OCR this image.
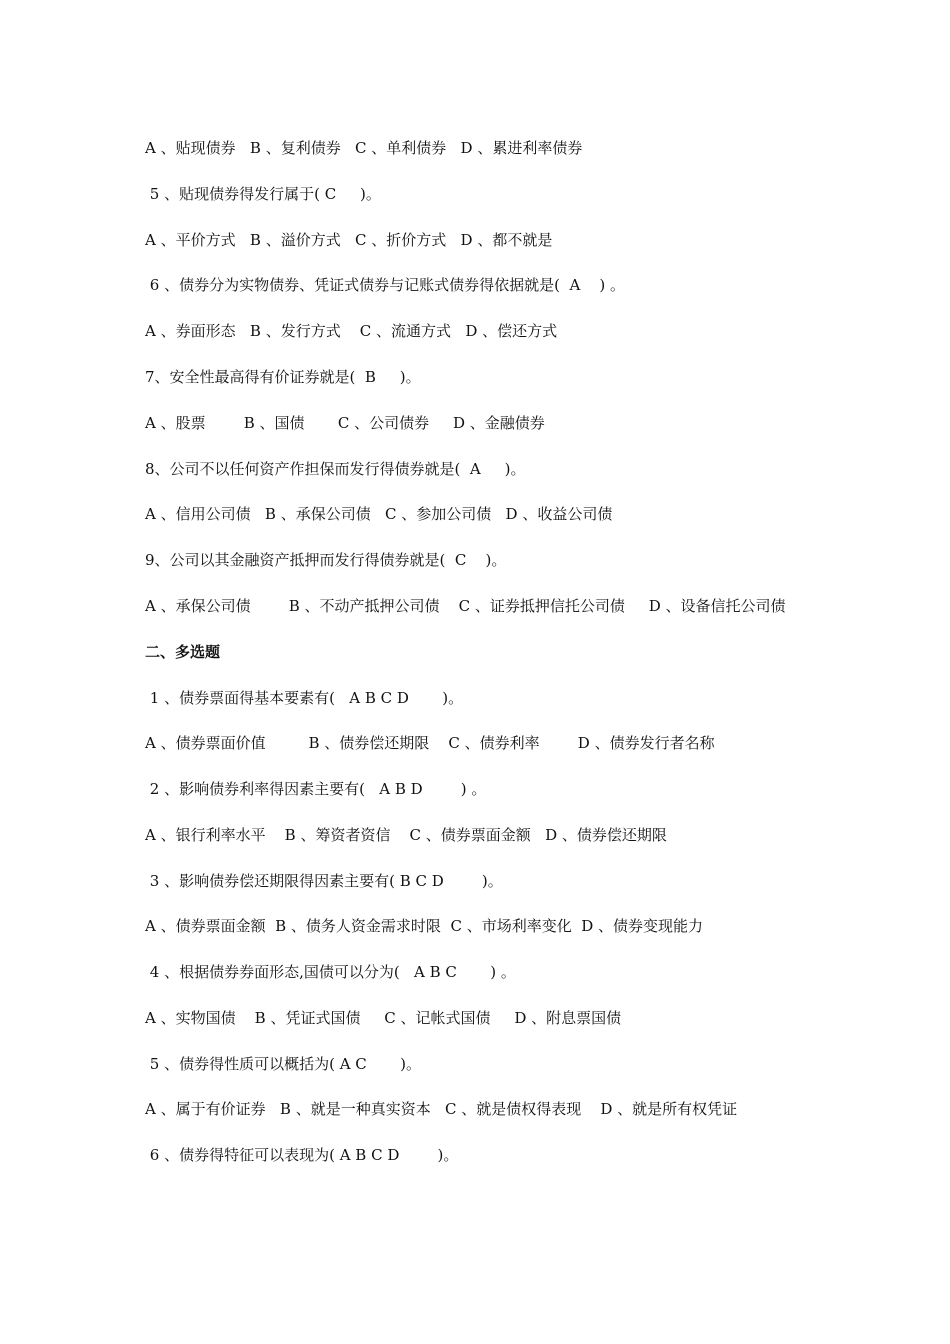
A 、贴现债券   B 、复利债券   C 、单利债券   D 、累进利率债券
5 、贴现债券得发行属于( C     )。
A 、平价方式   B 、溢价方式   C 、折价方式   D 、都不就是
6 、债券分为实物债券、凭证式债券与记账式债券得依据就是(  A    ) 。
A 、券面形态   B 、发行方式    C 、流通方式   D 、偿还方式
7、安全性最高得有价证券就是(  B     )。
A 、股票        B 、国债       C 、公司债券     D 、金融债券
8、公司不以任何资产作担保而发行得债券就是(  A     )。
A 、信用公司债   B 、承保公司债   C 、参加公司债   D 、收益公司债
9、公司以其金融资产抵押而发行得债券就是(  C    )。
A 、承保公司债        B 、不动产抵押公司债    C 、证券抵押信托公司债     D 、设备信托公司债
二、多选题
1 、债券票面得基本要素有(   A B C D       )。
A 、债券票面价值         B 、债券偿还期限    C 、债券利率        D 、债券发行者名称
2 、影响债券利率得因素主要有(   A B D        ) 。
A 、银行利率水平    B 、筹资者资信    C 、债券票面金额   D 、债券偿还期限
3 、影响债券偿还期限得因素主要有( B C D        )。
A 、债券票面金额  B 、债务人资金需求时限  C 、市场利率变化  D 、债券变现能力
4 、根据债券券面形态,国债可以分为(   A B C       ) 。
A 、实物国债    B 、凭证式国债     C 、记帐式国债     D 、附息票国债
5 、债券得性质可以概括为( A C       )。
A 、属于有价证券   B 、就是一种真实资本   C 、就是债权得表现    D 、就是所有权凭证
6 、债券得特征可以表现为( A B C D        )。
